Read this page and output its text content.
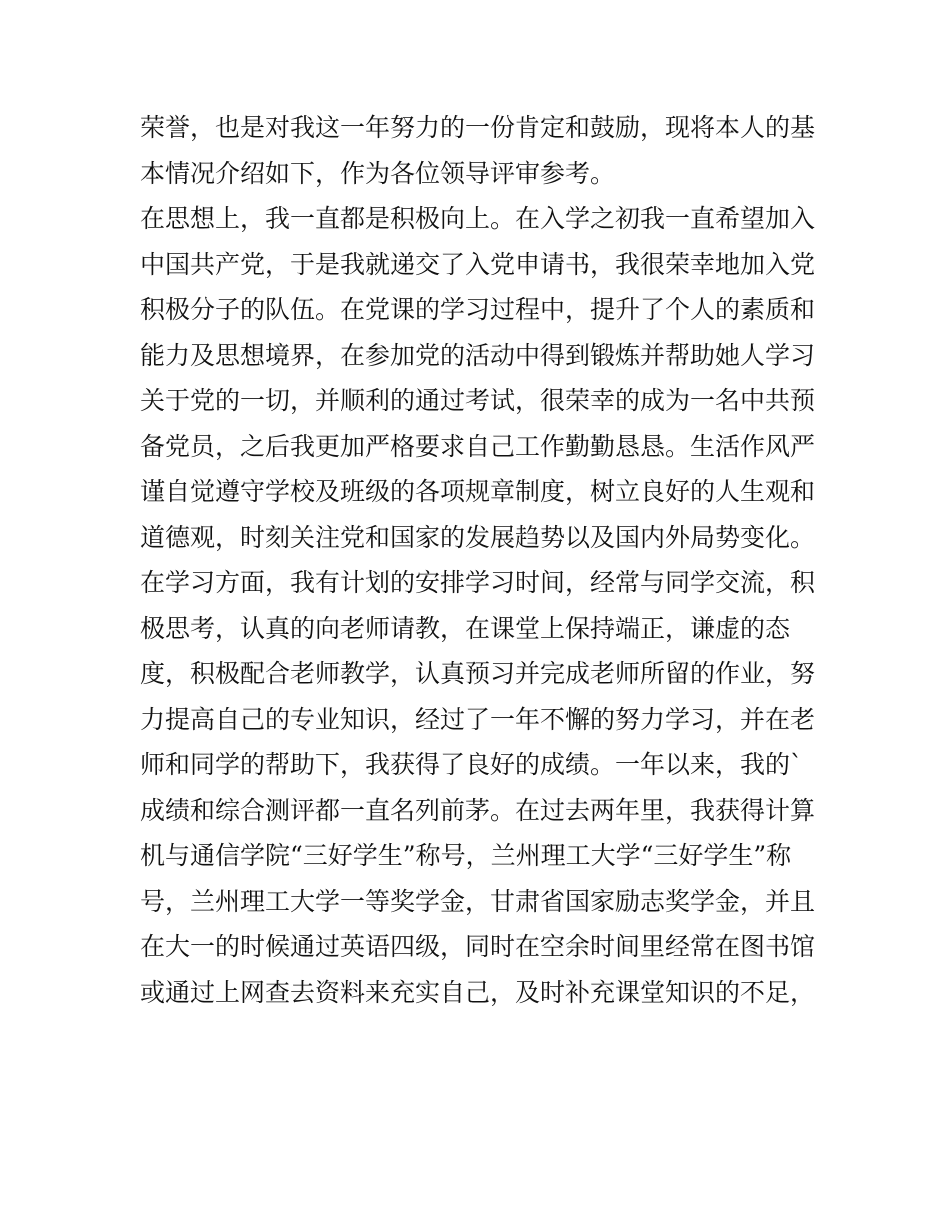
荣誉，也是对我这一年努力的一份肯定和鼓励，现将本人的基
本情况介绍如下，作为各位领导评审参考。
在思想上，我一直都是积极向上。在入学之初我一直希望加入
中国共产党，于是我就递交了入党申请书，我很荣幸地加入党
积极分子的队伍。在党课的学习过程中，提升了个人的素质和
能力及思想境界，在参加党的活动中得到锻炼并帮助她人学习
关于党的一切，并顺利的通过考试，很荣幸的成为一名中共预
备党员，之后我更加严格要求自己工作勤勤恳恳。生活作风严
谨自觉遵守学校及班级的各项规章制度，树立良好的人生观和
道德观，时刻关注党和国家的发展趋势以及国内外局势变化。
在学习方面，我有计划的安排学习时间，经常与同学交流，积
极思考，认真的向老师请教，在课堂上保持端正，谦虚的态
度，积极配合老师教学，认真预习并完成老师所留的作业，努
力提高自己的专业知识，经过了一年不懈的努力学习，并在老
师和同学的帮助下，我获得了良好的成绩。一年以来，我的`
成绩和综合测评都一直名列前茅。在过去两年里，我获得计算
机与通信学院“三好学生”称号，兰州理工大学“三好学生”称
号，兰州理工大学一等奖学金，甘肃省国家励志奖学金，并且
在大一的时候通过英语四级，同时在空余时间里经常在图书馆
或通过上网查去资料来充实自己，及时补充课堂知识的不足，
